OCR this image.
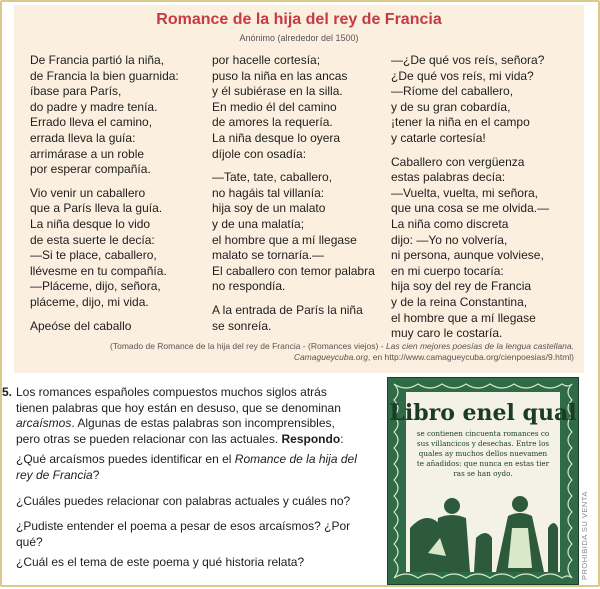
Romance de la hija del rey de Francia
Anónimo (alrededor del 1500)
De Francia partió la niña,
de Francia la bien guarnida:
íbase para París,
do padre y madre tenía.
Errado lleva el camino,
errada lleva la guía:
arrimárase a un roble
por esperar compañía.
Vio venir un caballero
que a París lleva la guía.
La niña desque lo vido
de esta suerte le decía:
—Si te place, caballero,
llévesme en tu compañía.
—Pláceme, dijo, señora,
pláceme, dijo, mi vida.
Apeóse del caballo
por hacelle cortesía;
puso la niña en las ancas
y él subiérase en la silla.
En medio él del camino
de amores la requería.
La niña desque lo oyera
díjole con osadía:
—Tate, tate, caballero,
no hagáis tal villanía:
hija soy de un malato
y de una malatía;
el hombre que a mí llegase
malato se tornaría.—
El caballero con temor palabra
no respondía.
A la entrada de París la niña
se sonreía.
—¿De qué vos reís, señora?
¿De qué vos reís, mi vida?
—Ríome del caballero,
y de su gran cobardía,
¡tener la niña en el campo
y catarle cortesía!
Caballero con vergüenza
estas palabras decía:
—Vuelta, vuelta, mi señora,
que una cosa se me olvida.—
La niña como discreta
dijo: —Yo no volvería,
ni persona, aunque volviese,
en mi cuerpo tocaría:
hija soy del rey de Francia
y de la reina Constantina,
el hombre que a mí llegase
muy caro le costaría.
(Tomado de Romance de la hija del rey de Francia - (Romances viejos) - Las cien mejores poesías de la lengua castellana. Camagueycuba.org, en http://www.camagueycuba.org/cienpoesias/9.html)
5. Los romances españoles compuestos muchos siglos atrás tienen palabras que hoy están en desuso, que se denominan arcaísmos. Algunas de estas palabras son incomprensibles, pero otras se pueden relacionar con las actuales. Respondo:
¿Qué arcaísmos puedes identificar en el Romance de la hija del rey de Francia?
¿Cuáles puedes relacionar con palabras actuales y cuáles no?
¿Pudiste entender el poema a pesar de esos arcaísmos? ¿Por qué?
¿Cuál es el tema de este poema y qué historia relata?
Libro enel qual
se contienen cincuenta romances co
sus villancicos y desechas. Entre los
quales ay muchos dellos nuevamen
te añadidos: que nunca en estas tier
ras se han oydo.
PROHIBIDA SU VENTA
